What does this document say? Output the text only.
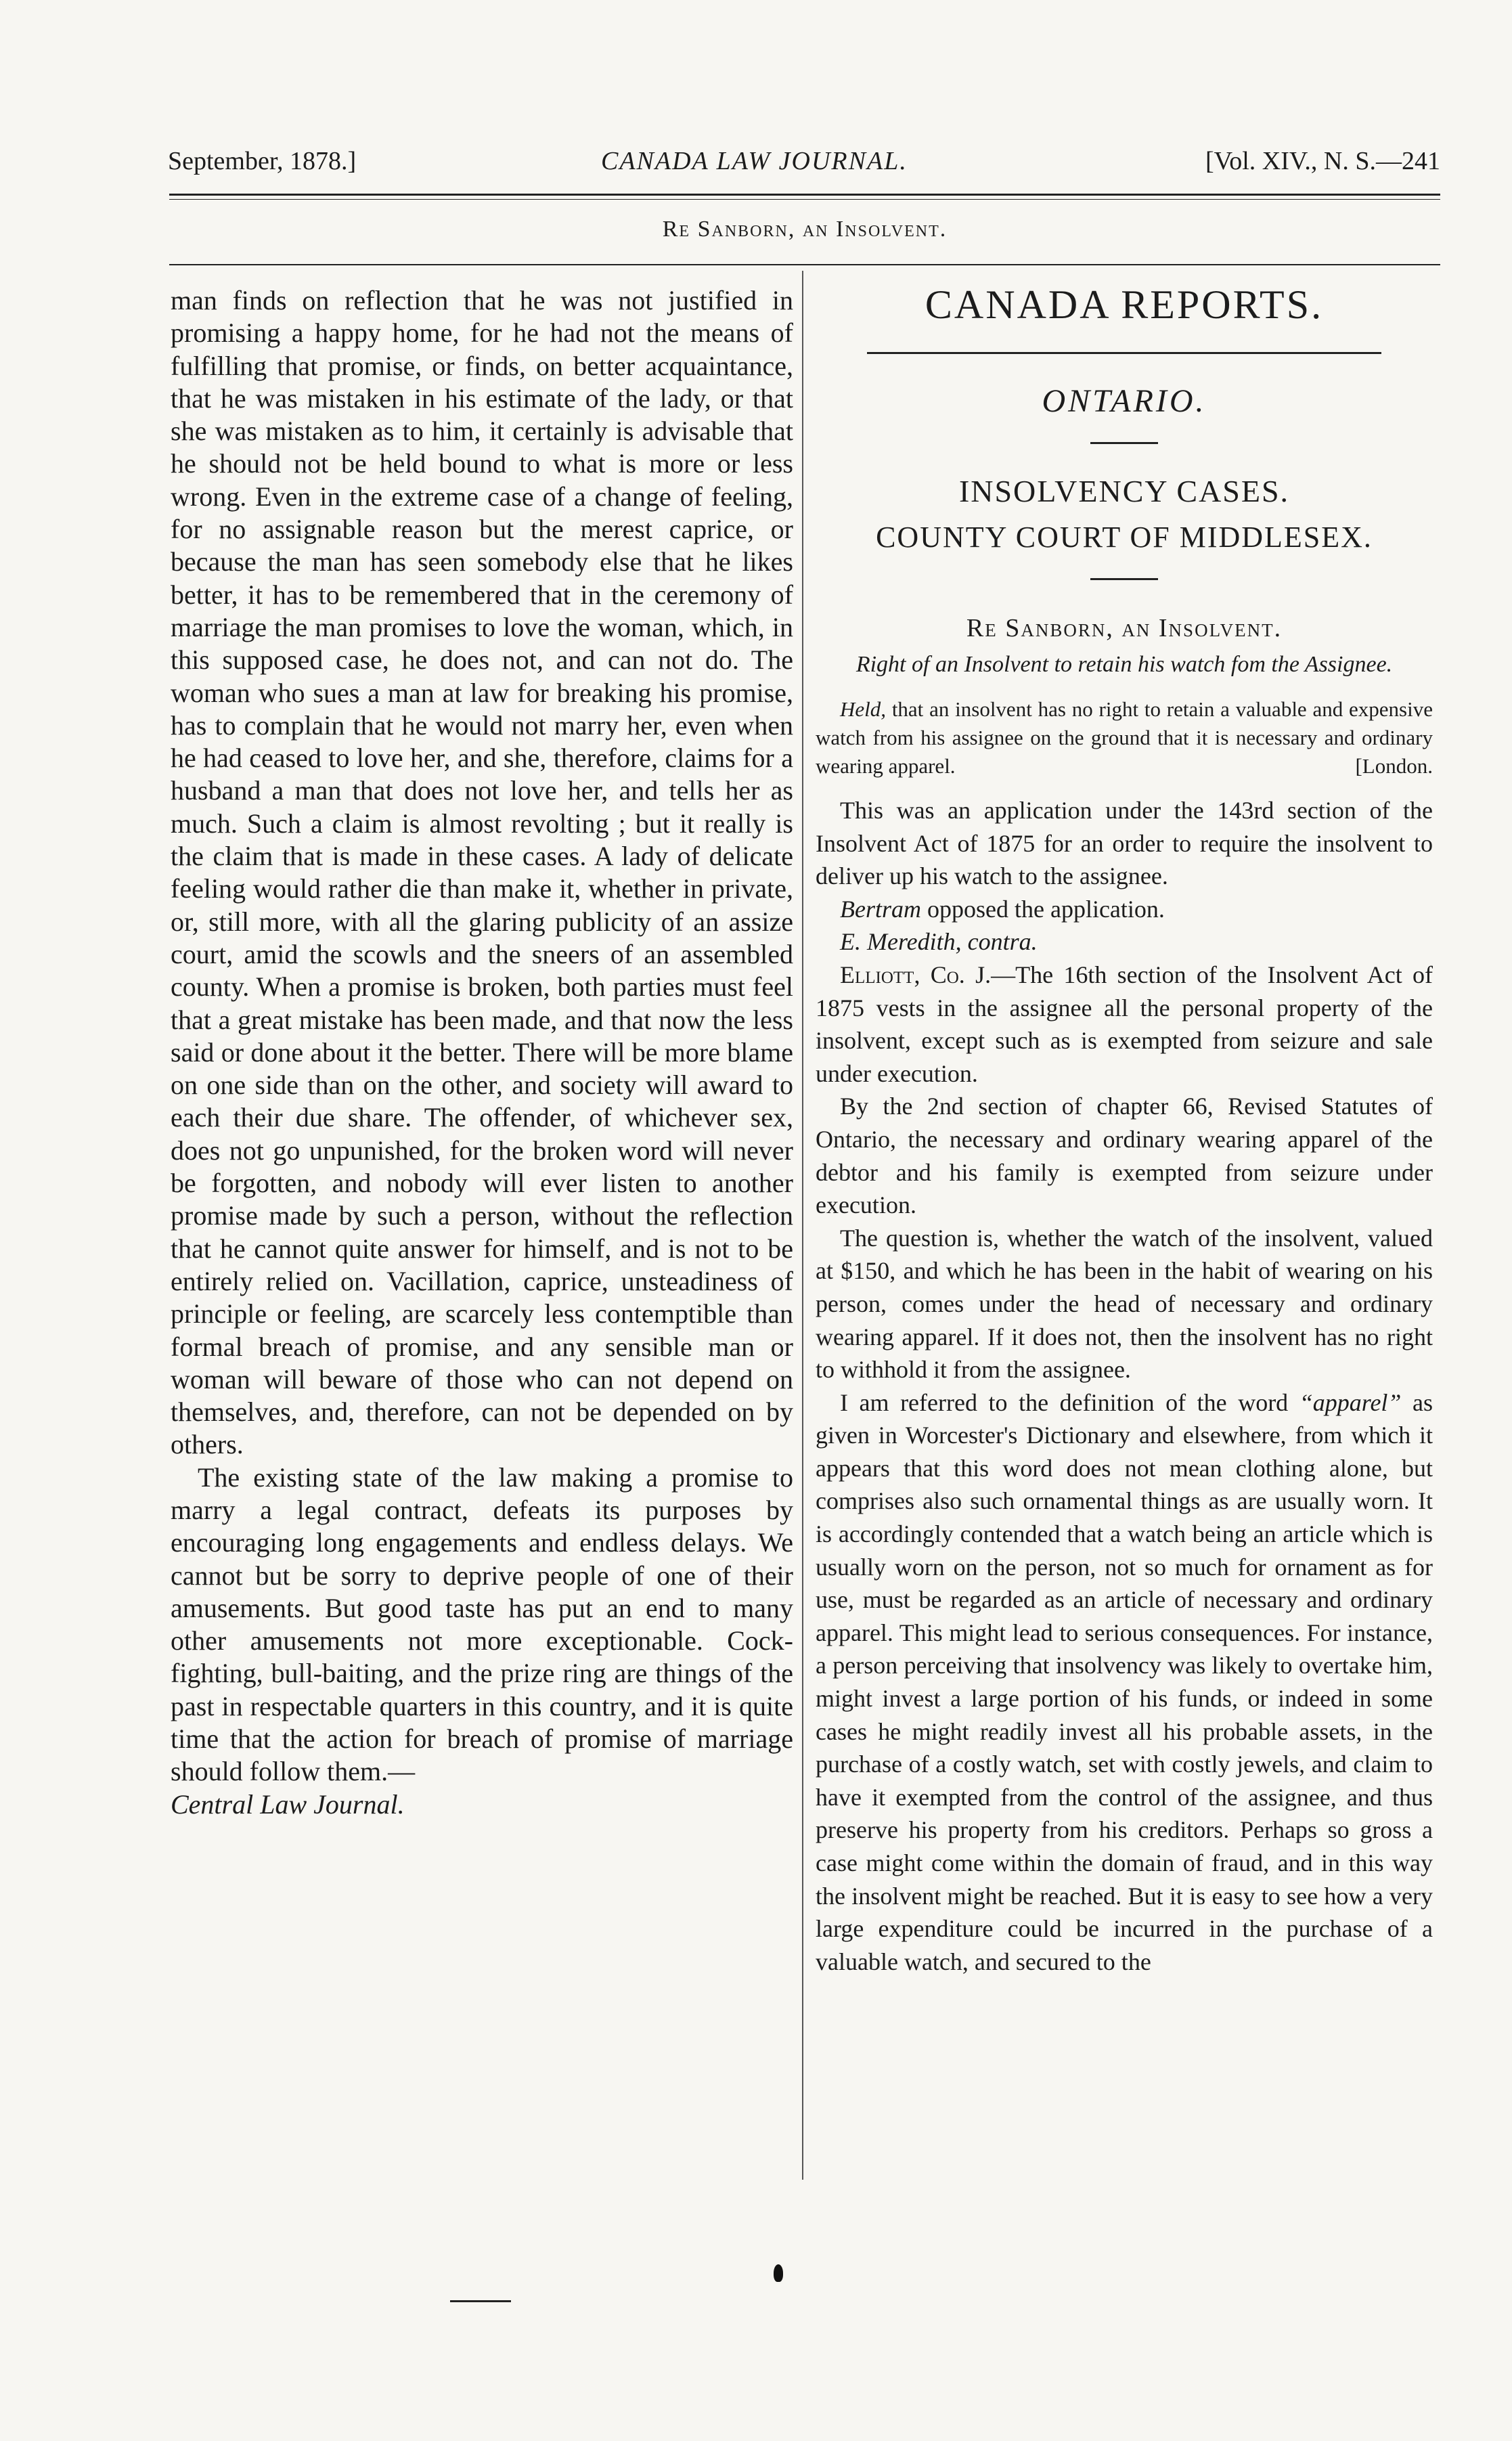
September, 1878.]	CANADA LAW JOURNAL.	[Vol. XIV., N. S.—241
Re Sanborn, an Insolvent.

man finds on reflection that he was not justified in promising a happy home, for he had not the means of fulfilling that promise, or finds, on better acquaintance, that he was mistaken in his estimate of the lady, or that she was mistaken as to him, it certainly is advisable that he should not be held bound to what is more or less wrong. Even in the extreme case of a change of feeling, for no assignable reason but the merest caprice, or because the man has seen somebody else that he likes better, it has to be remembered that in the ceremony of marriage the man promises to love the woman, which, in this supposed case, he does not, and can not do. The woman who sues a man at law for breaking his promise, has to complain that he would not marry her, even when he had ceased to love her, and she, therefore, claims for a husband a man that does not love her, and tells her as much. Such a claim is almost revolting ; but it really is the claim that is made in these cases. A lady of delicate feeling would rather die than make it, whether in private, or, still more, with all the glaring publicity of an assize court, amid the scowls and the sneers of an assembled county. When a promise is broken, both parties must feel that a great mistake has been made, and that now the less said or done about it the better. There will be more blame on one side than on the other, and society will award to each their due share. The offender, of whichever sex, does not go unpunished, for the broken word will never be forgotten, and nobody will ever listen to another promise made by such a person, without the reflection that he cannot quite answer for himself, and is not to be entirely relied on. Vacillation, caprice, unsteadiness of principle or feeling, are scarcely less contemptible than formal breach of promise, and any sensible man or woman will beware of those who can not depend on themselves, and, therefore, can not be depended on by others.

The existing state of the law making a promise to marry a legal contract, defeats its purposes by encouraging long engagements and endless delays. We cannot but be sorry to deprive people of one of their amusements. But good taste has put an end to many other amusements not more exceptionable. Cock-fighting, bull-baiting, and the prize ring are things of the past in respectable quarters in this country, and it is quite time that the action for breach of promise of marriage should follow them.—
Central Law Journal.

CANADA REPORTS.
ONTARIO.
INSOLVENCY CASES.
COUNTY COURT OF MIDDLESEX.
Re Sanborn, an Insolvent.
Right of an Insolvent to retain his watch fom the Assignee.
Held, that an insolvent has no right to retain a valuable and expensive watch from his assignee on the ground that it is necessary and ordinary wearing apparel.	[London.

This was an application under the 143rd section of the Insolvent Act of 1875 for an order to require the insolvent to deliver up his watch to the assignee.

Bertram opposed the application.

E. Meredith, contra.

Elliott, Co. J.—The 16th section of the Insolvent Act of 1875 vests in the assignee all the personal property of the insolvent, except such as is exempted from seizure and sale under execution.

By the 2nd section of chapter 66, Revised Statutes of Ontario, the necessary and ordinary wearing apparel of the debtor and his family is exempted from seizure under execution.

The question is, whether the watch of the insolvent, valued at $150, and which he has been in the habit of wearing on his person, comes under the head of necessary and ordinary wearing apparel. If it does not, then the insolvent has no right to withhold it from the assignee.

I am referred to the definition of the word “apparel” as given in Worcester's Dictionary and elsewhere, from which it appears that this word does not mean clothing alone, but comprises also such ornamental things as are usually worn. It is accordingly contended that a watch being an article which is usually worn on the person, not so much for ornament as for use, must be regarded as an article of necessary and ordinary apparel. This might lead to serious consequences. For instance, a person perceiving that insolvency was likely to overtake him, might invest a large portion of his funds, or indeed in some cases he might readily invest all his probable assets, in the purchase of a costly watch, set with costly jewels, and claim to have it exempted from the control of the assignee, and thus preserve his property from his creditors. Perhaps so gross a case might come within the domain of fraud, and in this way the insolvent might be reached. But it is easy to see how a very large expenditure could be incurred in the purchase of a valuable watch, and secured to the
